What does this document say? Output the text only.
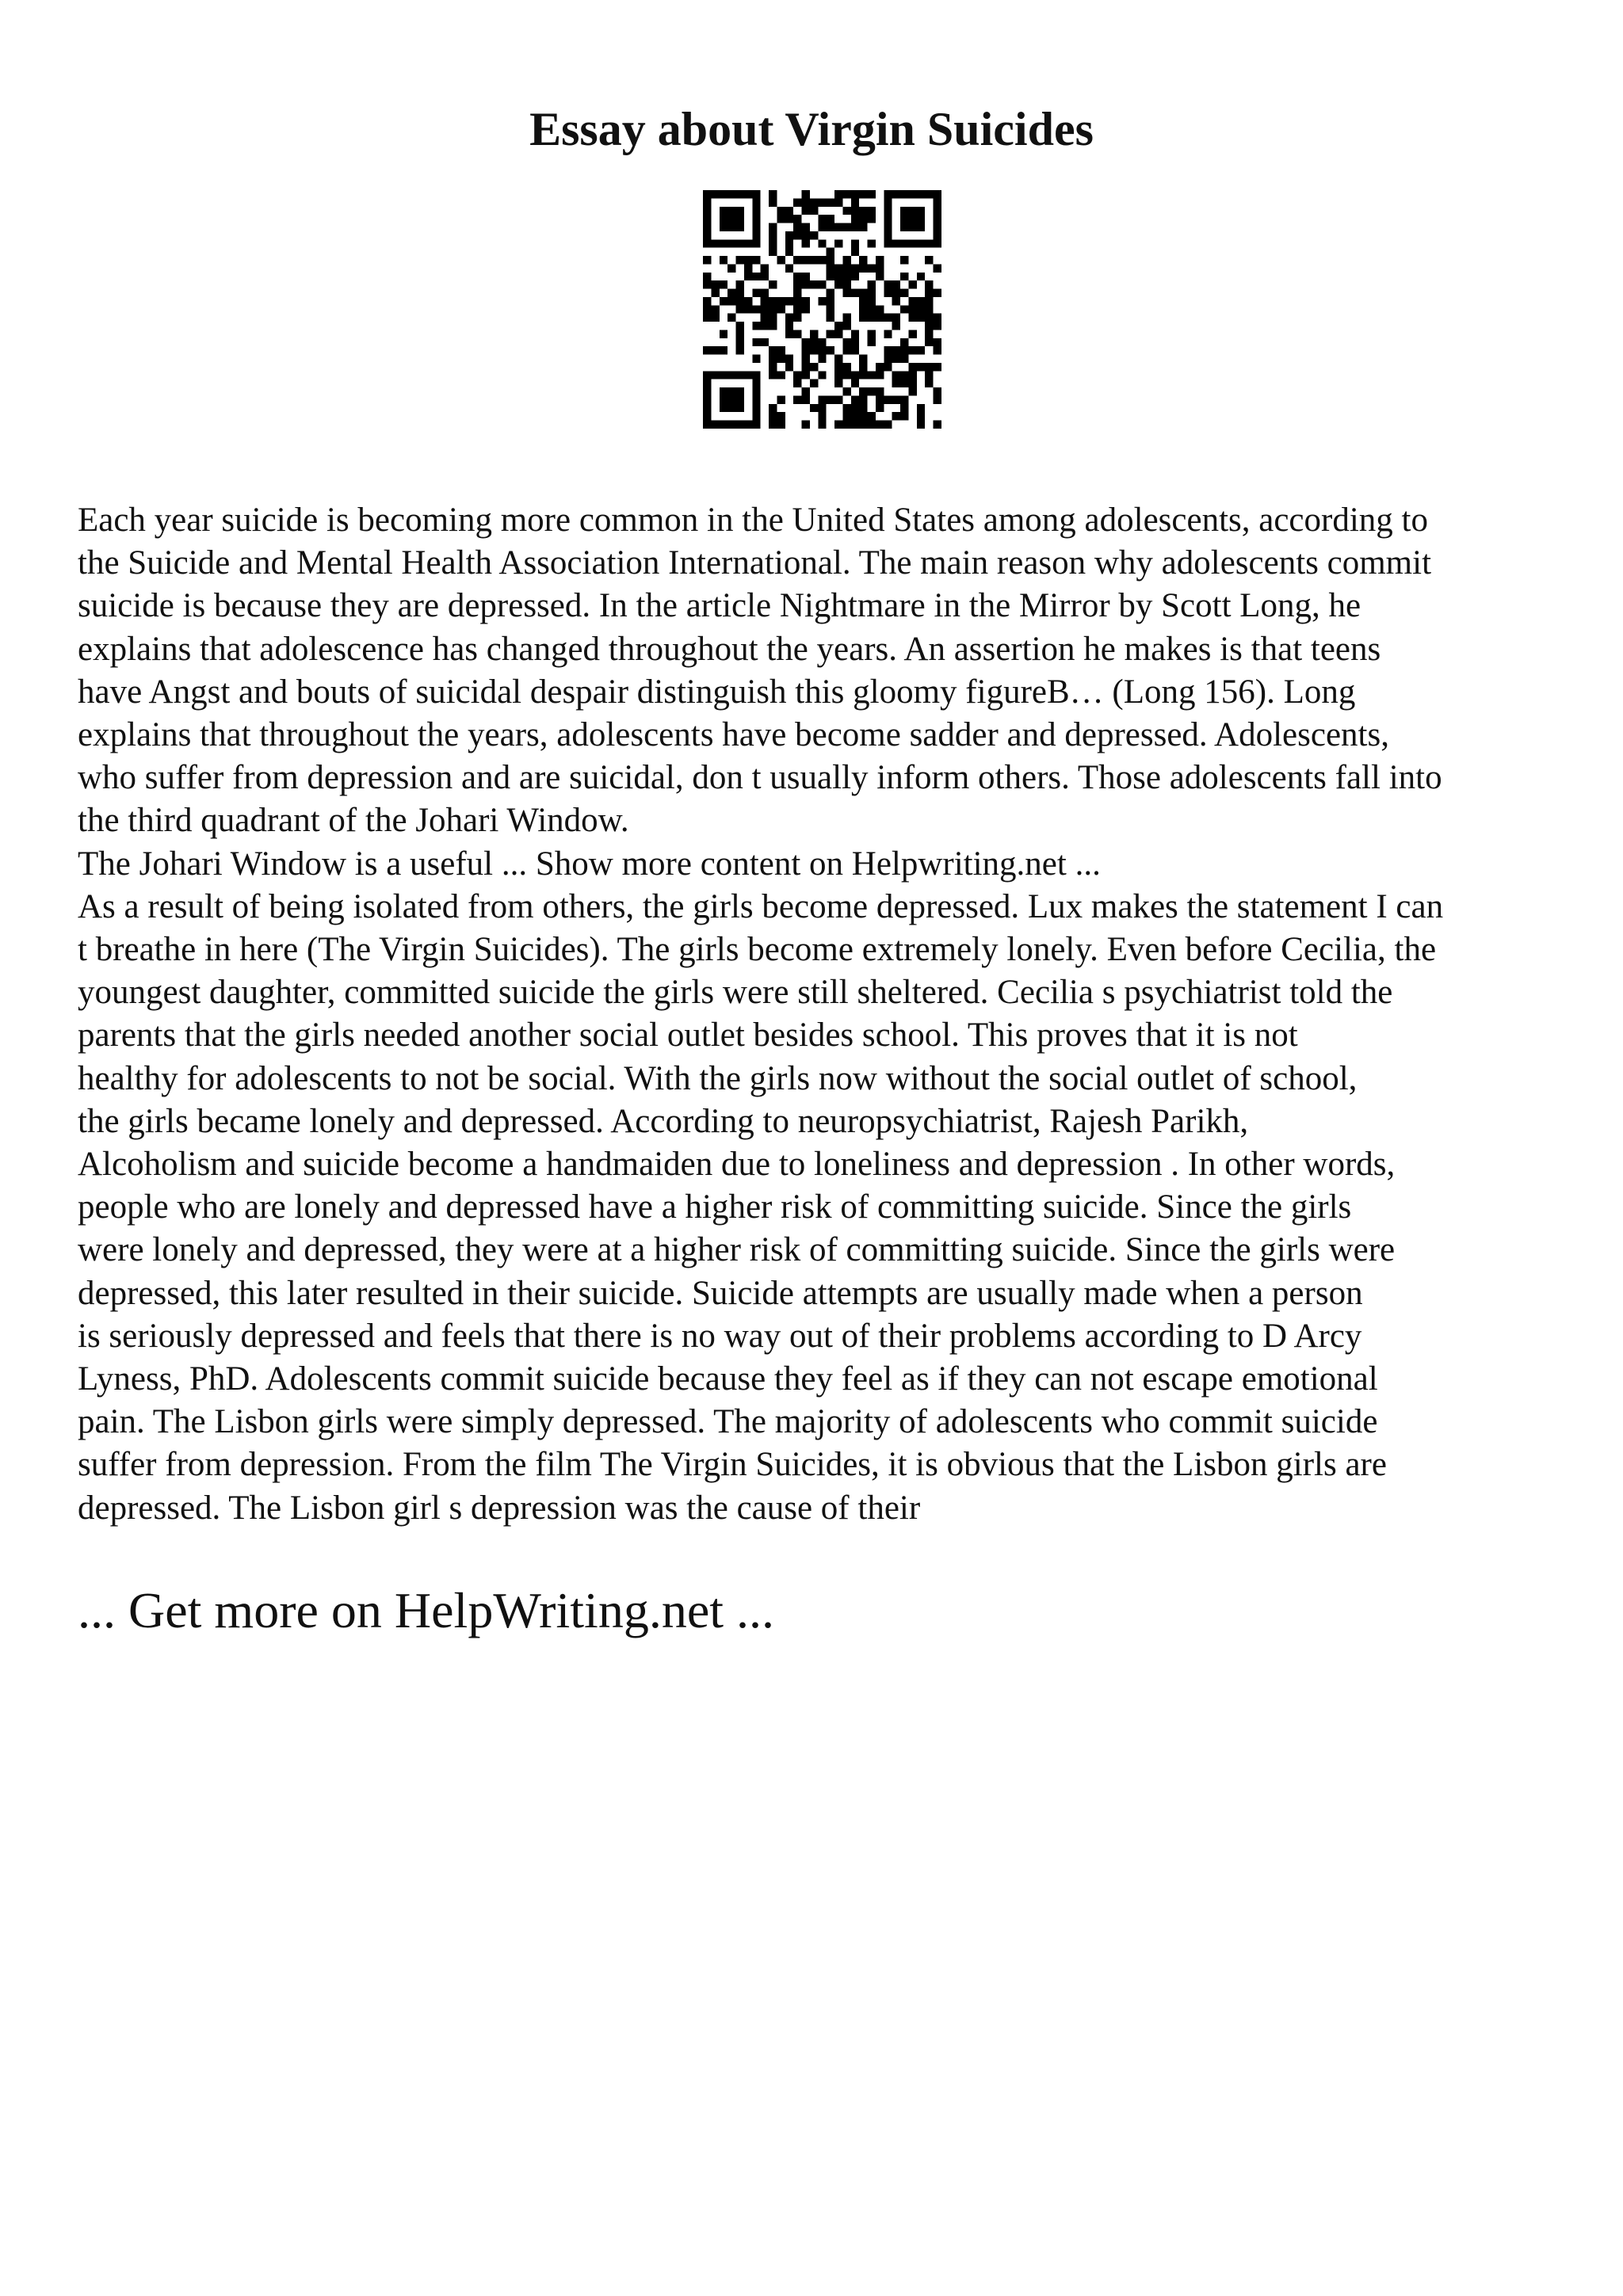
Essay about Virgin Suicides
Each year suicide is becoming more common in the United States among adolescents, according to
the Suicide and Mental Health Association International. The main reason why adolescents commit
suicide is because they are depressed. In the article Nightmare in the Mirror by Scott Long, he
explains that adolescence has changed throughout the years. An assertion he makes is that teens
have Angst and bouts of suicidal despair distinguish this gloomy figureB… (Long 156). Long
explains that throughout the years, adolescents have become sadder and depressed. Adolescents,
who suffer from depression and are suicidal, don t usually inform others. Those adolescents fall into
the third quadrant of the Johari Window.
The Johari Window is a useful ... Show more content on Helpwriting.net ...
As a result of being isolated from others, the girls become depressed. Lux makes the statement I can
t breathe in here (The Virgin Suicides). The girls become extremely lonely. Even before Cecilia, the
youngest daughter, committed suicide the girls were still sheltered. Cecilia s psychiatrist told the
parents that the girls needed another social outlet besides school. This proves that it is not
healthy for adolescents to not be social. With the girls now without the social outlet of school,
the girls became lonely and depressed. According to neuropsychiatrist, Rajesh Parikh,
Alcoholism and suicide become a handmaiden due to loneliness and depression . In other words,
people who are lonely and depressed have a higher risk of committing suicide. Since the girls
were lonely and depressed, they were at a higher risk of committing suicide. Since the girls were
depressed, this later resulted in their suicide. Suicide attempts are usually made when a person
is seriously depressed and feels that there is no way out of their problems according to D Arcy
Lyness, PhD. Adolescents commit suicide because they feel as if they can not escape emotional
pain. The Lisbon girls were simply depressed. The majority of adolescents who commit suicide
suffer from depression. From the film The Virgin Suicides, it is obvious that the Lisbon girls are
depressed. The Lisbon girl s depression was the cause of their
... Get more on HelpWriting.net ...
